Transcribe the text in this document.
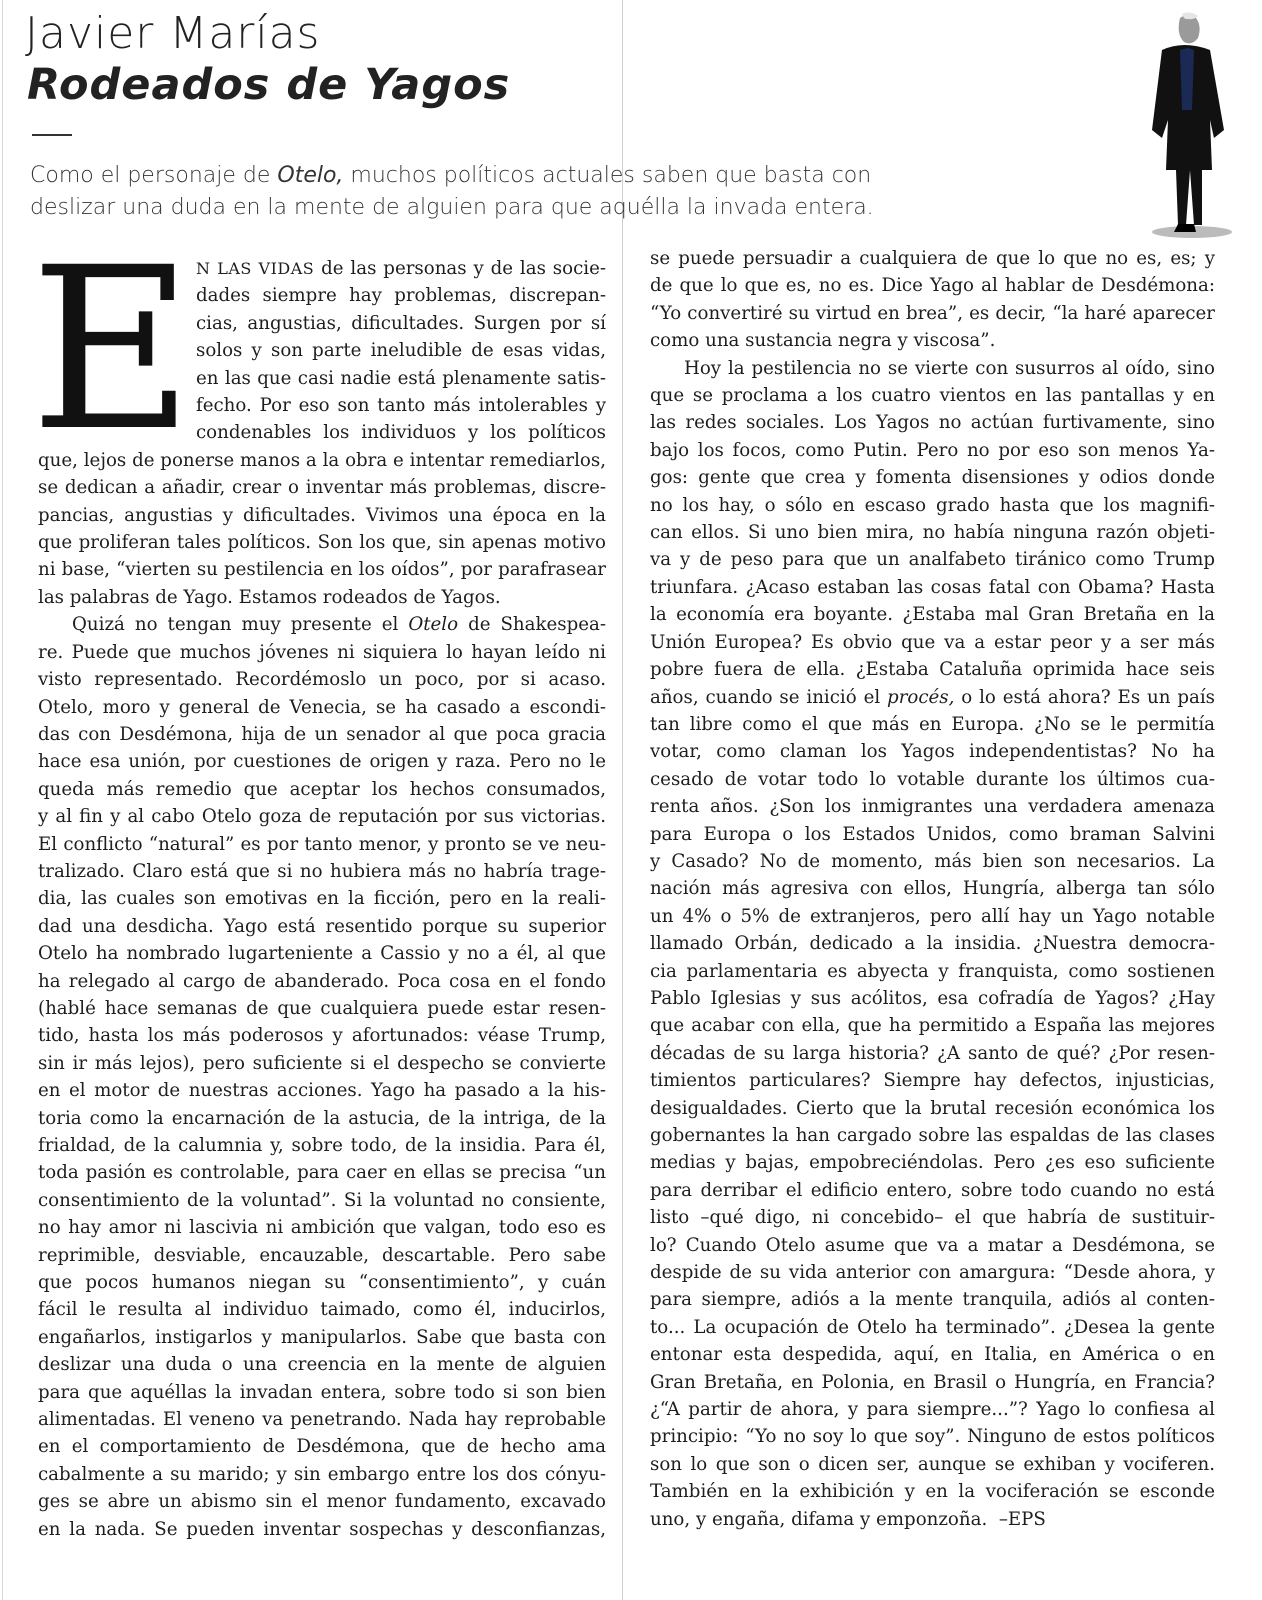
Javier Marías
Rodeados de Yagos

Como el personaje de Otelo, muchos políticos actuales saben que basta con deslizar una duda en la mente de alguien para que aquélla la invada entera.

E N LAS VIDAS de las personas y de las socie-
dades siempre hay problemas, discrepan-
cias, angustias, dificultades. Surgen por sí
solos y son parte ineludible de esas vidas,
en las que casi nadie está plenamente satis-
fecho. Por eso son tanto más intolerables y
condenables los individuos y los políticos
que, lejos de ponerse manos a la obra e intentar remediarlos,
se dedican a añadir, crear o inventar más problemas, discre-
pancias, angustias y dificultades. Vivimos una época en la
que proliferan tales políticos. Son los que, sin apenas motivo
ni base, “vierten su pestilencia en los oídos”, por parafrasear
las palabras de Yago. Estamos rodeados de Yagos.
Quizá no tengan muy presente el Otelo de Shakespea-
re. Puede que muchos jóvenes ni siquiera lo hayan leído ni
visto representado. Recordémoslo un poco, por si acaso.
Otelo, moro y general de Venecia, se ha casado a escondi-
das con Desdémona, hija de un senador al que poca gracia
hace esa unión, por cuestiones de origen y raza. Pero no le
queda más remedio que aceptar los hechos consumados,
y al fin y al cabo Otelo goza de reputación por sus victorias.
El conflicto “natural” es por tanto menor, y pronto se ve neu-
tralizado. Claro está que si no hubiera más no habría trage-
dia, las cuales son emotivas en la ficción, pero en la reali-
dad una desdicha. Yago está resentido porque su superior
Otelo ha nombrado lugarteniente a Cassio y no a él, al que
ha relegado al cargo de abanderado. Poca cosa en el fondo
(hablé hace semanas de que cualquiera puede estar resen-
tido, hasta los más poderosos y afortunados: véase Trump,
sin ir más lejos), pero suficiente si el despecho se convierte
en el motor de nuestras acciones. Yago ha pasado a la his-
toria como la encarnación de la astucia, de la intriga, de la
frialdad, de la calumnia y, sobre todo, de la insidia. Para él,
toda pasión es controlable, para caer en ellas se precisa “un
consentimiento de la voluntad”. Si la voluntad no consiente,
no hay amor ni lascivia ni ambición que valgan, todo eso es
reprimible, desviable, encauzable, descartable. Pero sabe
que pocos humanos niegan su “consentimiento”, y cuán
fácil le resulta al individuo taimado, como él, inducirlos,
engañarlos, instigarlos y manipularlos. Sabe que basta con
deslizar una duda o una creencia en la mente de alguien
para que aquéllas la invadan entera, sobre todo si son bien
alimentadas. El veneno va penetrando. Nada hay reprobable
en el comportamiento de Desdémona, que de hecho ama
cabalmente a su marido; y sin embargo entre los dos cónyu-
ges se abre un abismo sin el menor fundamento, excavado
en la nada. Se pueden inventar sospechas y desconfianzas,
se puede persuadir a cualquiera de que lo que no es, es; y
de que lo que es, no es. Dice Yago al hablar de Desdémona:
“Yo convertiré su virtud en brea”, es decir, “la haré aparecer
como una sustancia negra y viscosa”.
Hoy la pestilencia no se vierte con susurros al oído, sino
que se proclama a los cuatro vientos en las pantallas y en
las redes sociales. Los Yagos no actúan furtivamente, sino
bajo los focos, como Putin. Pero no por eso son menos Ya-
gos: gente que crea y fomenta disensiones y odios donde
no los hay, o sólo en escaso grado hasta que los magnifi-
can ellos. Si uno bien mira, no había ninguna razón objeti-
va y de peso para que un analfabeto tiránico como Trump
triunfara. ¿Acaso estaban las cosas fatal con Obama? Hasta
la economía era boyante. ¿Estaba mal Gran Bretaña en la
Unión Europea? Es obvio que va a estar peor y a ser más
pobre fuera de ella. ¿Estaba Cataluña oprimida hace seis
años, cuando se inició el procés, o lo está ahora? Es un país
tan libre como el que más en Europa. ¿No se le permitía
votar, como claman los Yagos independentistas? No ha
cesado de votar todo lo votable durante los últimos cua-
renta años. ¿Son los inmigrantes una verdadera amenaza
para Europa o los Estados Unidos, como braman Salvini
y Casado? No de momento, más bien son necesarios. La
nación más agresiva con ellos, Hungría, alberga tan sólo
un 4% o 5% de extranjeros, pero allí hay un Yago notable
llamado Orbán, dedicado a la insidia. ¿Nuestra democra-
cia parlamentaria es abyecta y franquista, como sostienen
Pablo Iglesias y sus acólitos, esa cofradía de Yagos? ¿Hay
que acabar con ella, que ha permitido a España las mejores
décadas de su larga historia? ¿A santo de qué? ¿Por resen-
timientos particulares? Siempre hay defectos, injusticias,
desigualdades. Cierto que la brutal recesión económica los
gobernantes la han cargado sobre las espaldas de las clases
medias y bajas, empobreciéndolas. Pero ¿es eso suficiente
para derribar el edificio entero, sobre todo cuando no está
listo –qué digo, ni concebido– el que habría de sustituir-
lo? Cuando Otelo asume que va a matar a Desdémona, se
despide de su vida anterior con amargura: “Desde ahora, y
para siempre, adiós a la mente tranquila, adiós al conten-
to... La ocupación de Otelo ha terminado”. ¿Desea la gente
entonar esta despedida, aquí, en Italia, en América o en
Gran Bretaña, en Polonia, en Brasil o Hungría, en Francia?
¿“A partir de ahora, y para siempre...”? Yago lo confiesa al
principio: “Yo no soy lo que soy”. Ninguno de estos políticos
son lo que son o dicen ser, aunque se exhiban y vociferen.
También en la exhibición y en la vociferación se esconde
uno, y engaña, difama y emponzoña. –EPS
